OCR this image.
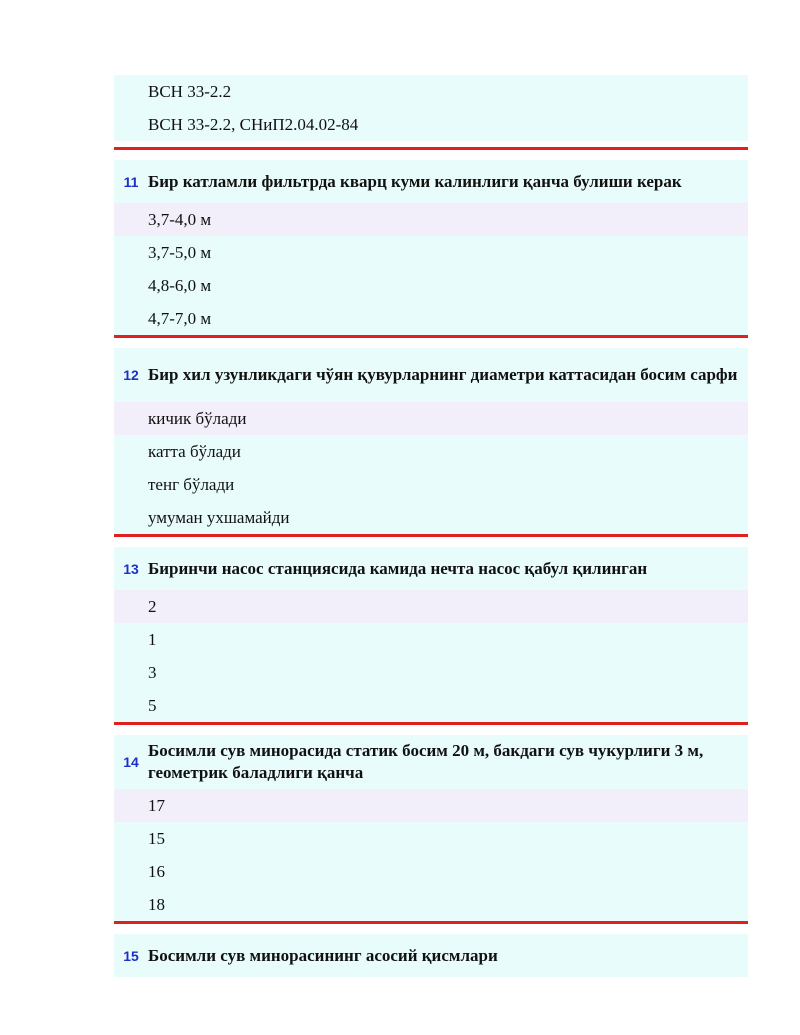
ВСН 33-2.2
ВСН 33-2.2, СНиП2.04.02-84
11 Бир катламли фильтрда кварц куми калинлиги қанча булиши керак
3,7-4,0 м
3,7-5,0 м
4,8-6,0 м
4,7-7,0 м
12 Бир хил узунликдаги чўян қувурларнинг диаметри каттасидан босим сарфи
кичик бўлади
катта бўлади
тенг бўлади
умуман ухшамайди
13 Биринчи насос станциясида камида нечта насос қабул қилинган
2
1
3
5
14
Босимли сув минорасида статик босим 20 м, бакдаги сув чукурлиги 3 м, геометрик баладлиги қанча
17
15
16
18
15 Босимли сув минорасининг асосий қисмлари
